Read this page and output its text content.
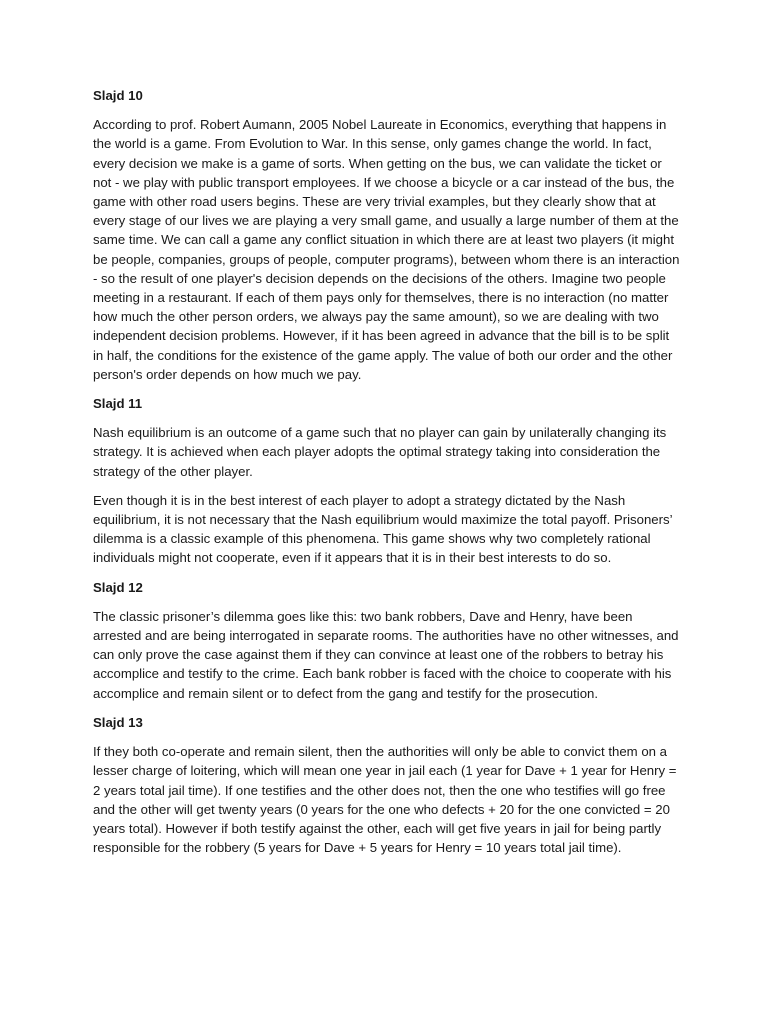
Slajd 10

According to prof. Robert Aumann, 2005 Nobel Laureate in Economics, everything that happens in the world is a game. From Evolution to War. In this sense, only games change the world. In fact, every decision we make is a game of sorts. When getting on the bus, we can validate the ticket or not - we play with public transport employees. If we choose a bicycle or a car instead of the bus, the game with other road users begins. These are very trivial examples, but they clearly show that at every stage of our lives we are playing a very small game, and usually a large number of them at the same time. We can call a game any conflict situation in which there are at least two players (it might be people, companies, groups of people, computer programs), between whom there is an interaction - so the result of one player's decision depends on the decisions of the others. Imagine two people meeting in a restaurant. If each of them pays only for themselves, there is no interaction (no matter how much the other person orders, we always pay the same amount), so we are dealing with two independent decision problems. However, if it has been agreed in advance that the bill is to be split in half, the conditions for the existence of the game apply. The value of both our order and the other person's order depends on how much we pay.

Slajd 11

Nash equilibrium is an outcome of a game such that no player can gain by unilaterally changing its strategy. It is achieved when each player adopts the optimal strategy taking into consideration the strategy of the other player.

Even though it is in the best interest of each player to adopt a strategy dictated by the Nash equilibrium, it is not necessary that the Nash equilibrium would maximize the total payoff. Prisoners’ dilemma is a classic example of this phenomena. This game shows why two completely rational individuals might not cooperate, even if it appears that it is in their best interests to do so.

Slajd 12

The classic prisoner’s dilemma goes like this: two bank robbers, Dave and Henry, have been arrested and are being interrogated in separate rooms. The authorities have no other witnesses, and can only prove the case against them if they can convince at least one of the robbers to betray his accomplice and testify to the crime. Each bank robber is faced with the choice to cooperate with his accomplice and remain silent or to defect from the gang and testify for the prosecution.

Slajd 13

If they both co-operate and remain silent, then the authorities will only be able to convict them on a lesser charge of loitering, which will mean one year in jail each (1 year for Dave + 1 year for Henry = 2 years total jail time). If one testifies and the other does not, then the one who testifies will go free and the other will get twenty years (0 years for the one who defects + 20 for the one convicted = 20 years total). However if both testify against the other, each will get five years in jail for being partly responsible for the robbery (5 years for Dave + 5 years for Henry = 10 years total jail time).
